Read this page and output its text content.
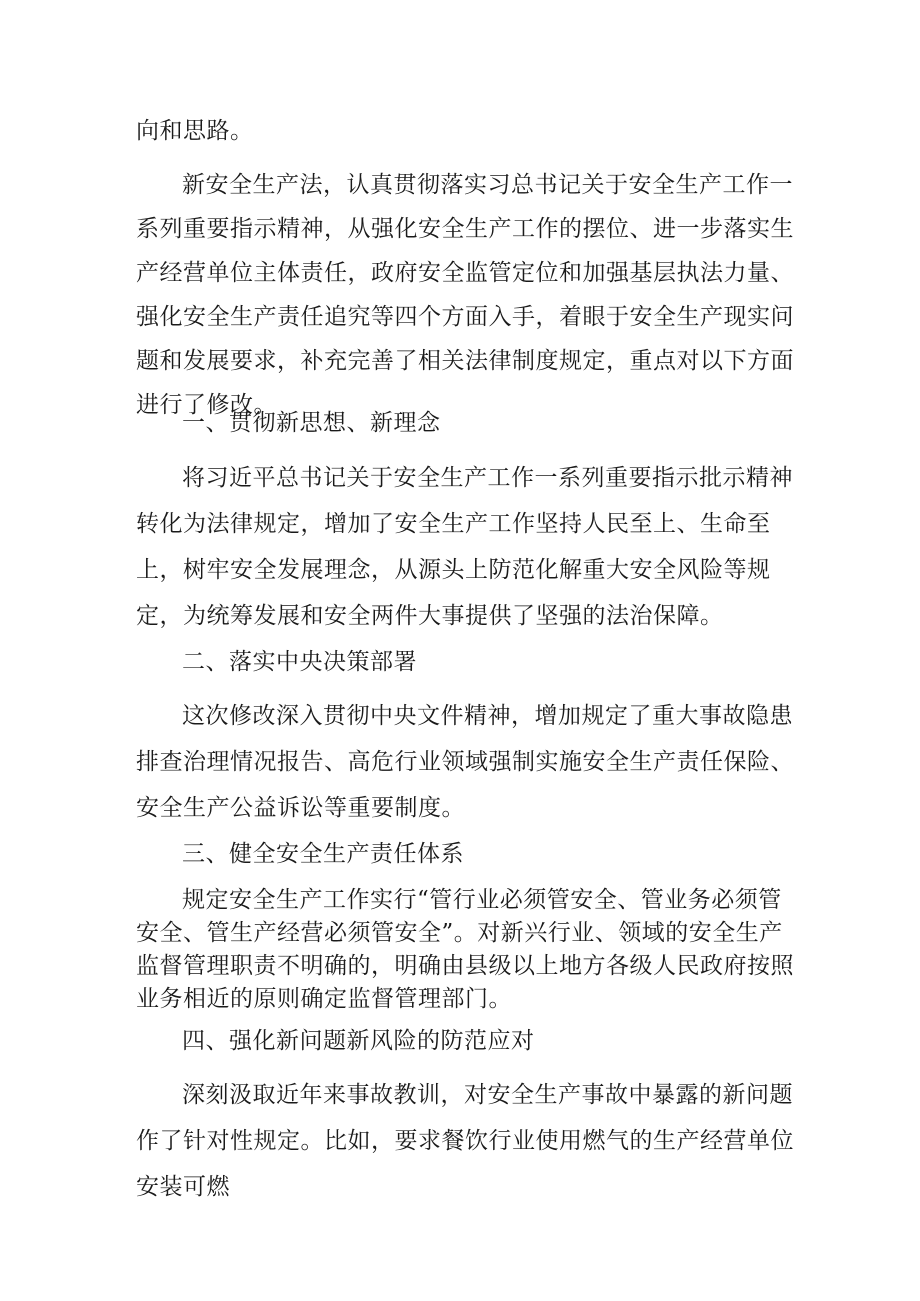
向和思路。

新安全生产法，认真贯彻落实习总书记关于安全生产工作一系列重要指示精神，从强化安全生产工作的摆位、进一步落实生产经营单位主体责任，政府安全监管定位和加强基层执法力量、强化安全生产责任追究等四个方面入手，着眼于安全生产现实问题和发展要求，补充完善了相关法律制度规定，重点对以下方面进行了修改。

一、贯彻新思想、新理念

将习近平总书记关于安全生产工作一系列重要指示批示精神转化为法律规定，增加了安全生产工作坚持人民至上、生命至上，树牢安全发展理念，从源头上防范化解重大安全风险等规定，为统筹发展和安全两件大事提供了坚强的法治保障。

二、落实中央决策部署

这次修改深入贯彻中央文件精神，增加规定了重大事故隐患排查治理情况报告、高危行业领域强制实施安全生产责任保险、安全生产公益诉讼等重要制度。

三、健全安全生产责任体系

规定安全生产工作实行“管行业必须管安全、管业务必须管安全、管生产经营必须管安全”。对新兴行业、领域的安全生产监督管理职责不明确的，明确由县级以上地方各级人民政府按照业务相近的原则确定监督管理部门。

四、强化新问题新风险的防范应对

深刻汲取近年来事故教训，对安全生产事故中暴露的新问题作了针对性规定。比如，要求餐饮行业使用燃气的生产经营单位安装可燃
